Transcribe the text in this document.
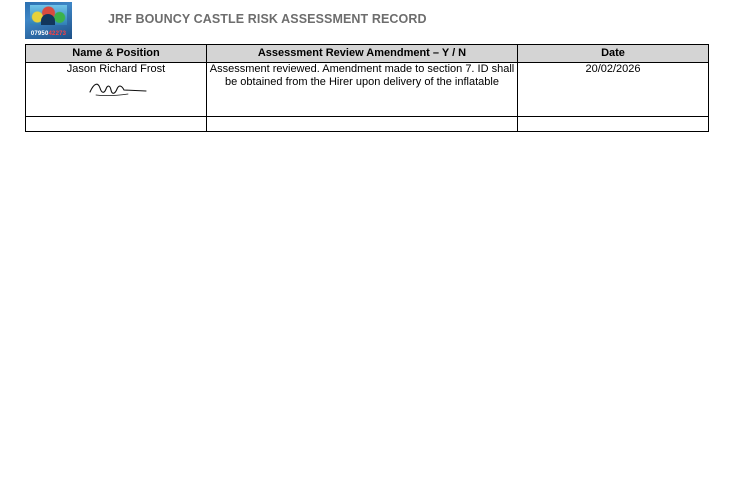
0795042273
JRF BOUNCY CASTLE RISK ASSESSMENT RECORD
Name & Position	Assessment Review Amendment – Y / N	Date

Jason Richard Frost	Assessment reviewed. Amendment made to section 7. ID shall be obtained from the Hirer upon delivery of the inflatable	20/02/2026
